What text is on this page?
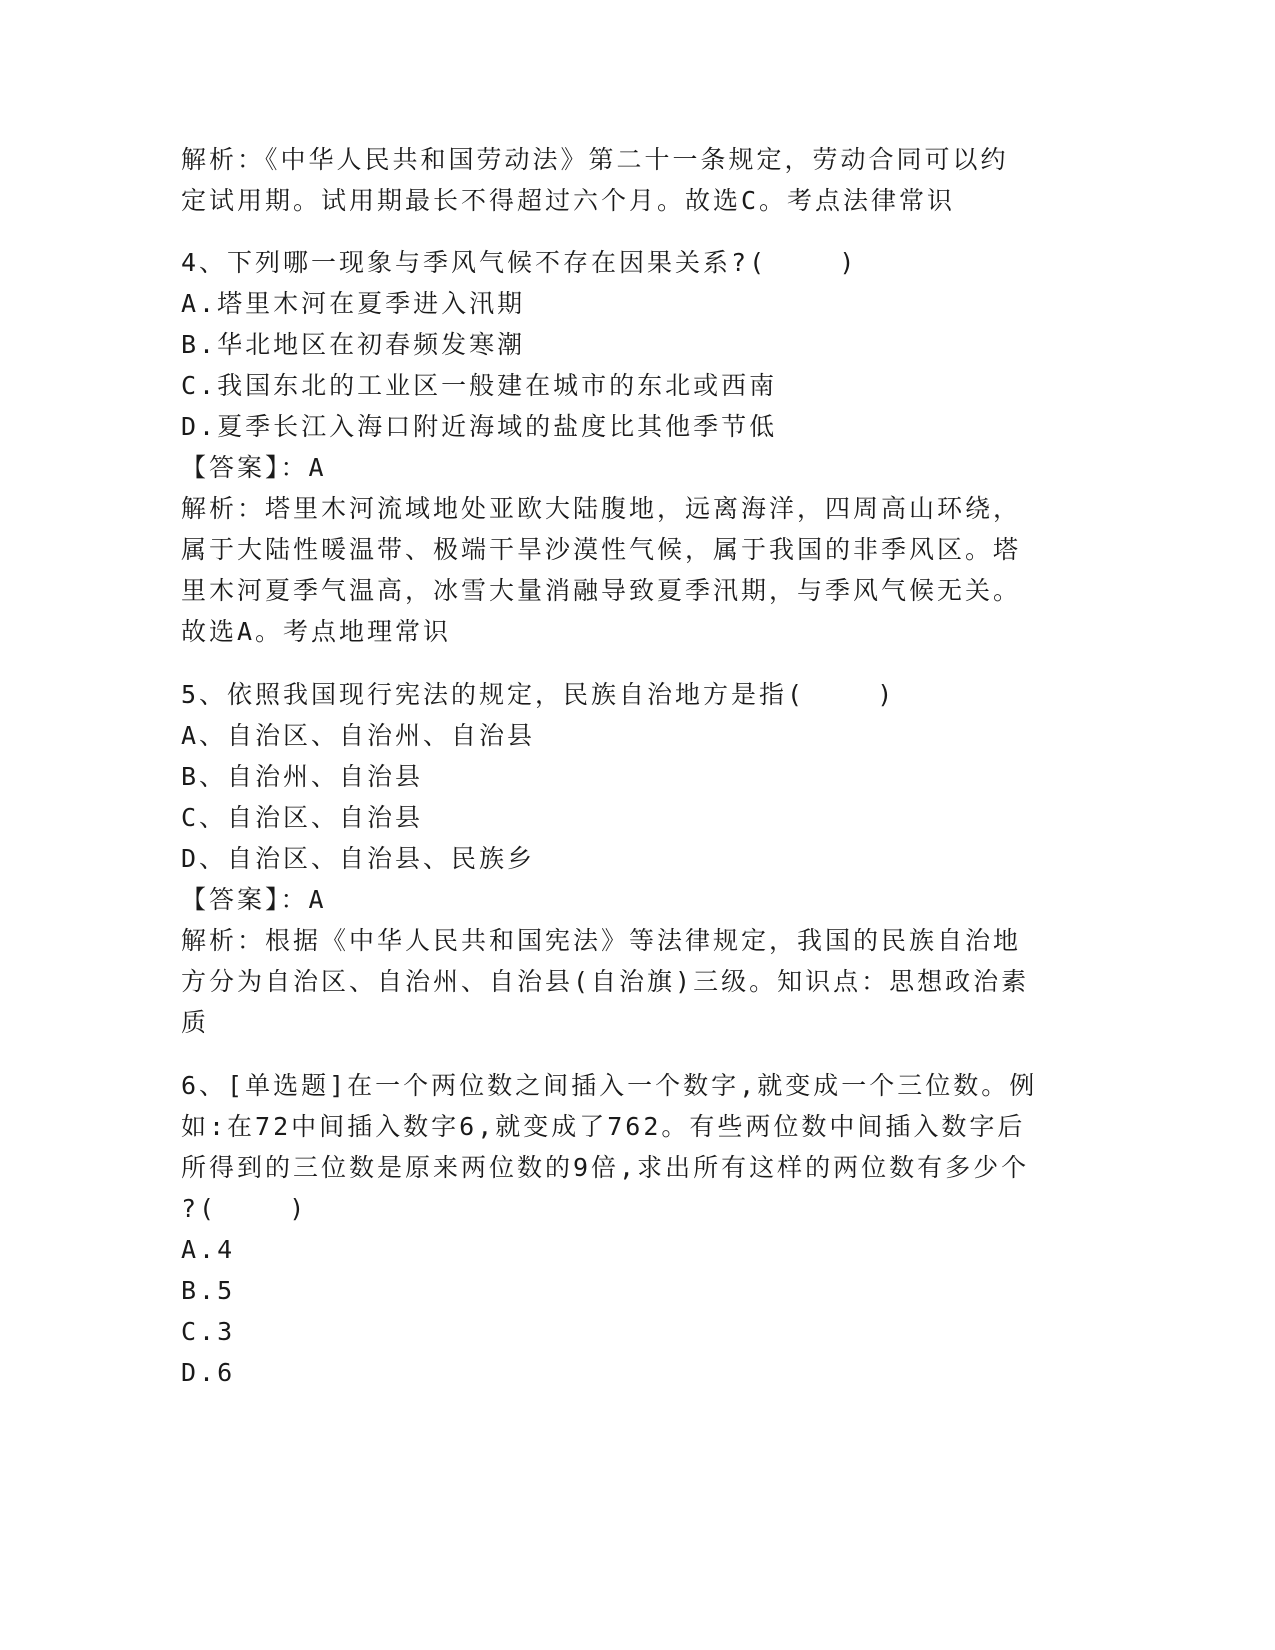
解析：《中华人民共和国劳动法》第二十一条规定，劳动合同可以约

定试用期。试用期最长不得超过六个月。故选C。考点法律常识

4、下列哪一现象与季风气候不存在因果关系?(    )

A.塔里木河在夏季进入汛期

B.华北地区在初春频发寒潮

C.我国东北的工业区一般建在城市的东北或西南

D.夏季长江入海口附近海域的盐度比其他季节低

【答案】：A

解析：塔里木河流域地处亚欧大陆腹地，远离海洋，四周高山环绕，

属于大陆性暖温带、极端干旱沙漠性气候，属于我国的非季风区。塔

里木河夏季气温高，冰雪大量消融导致夏季汛期，与季风气候无关。

故选A。考点地理常识

5、依照我国现行宪法的规定，民族自治地方是指(    )

A、自治区、自治州、自治县

B、自治州、自治县

C、自治区、自治县

D、自治区、自治县、民族乡

【答案】：A

解析：根据《中华人民共和国宪法》等法律规定，我国的民族自治地

方分为自治区、自治州、自治县(自治旗)三级。知识点：思想政治素

质

6、[单选题]在一个两位数之间插入一个数字,就变成一个三位数。例

如:在72中间插入数字6,就变成了762。有些两位数中间插入数字后

所得到的三位数是原来两位数的9倍,求出所有这样的两位数有多少个

?(    )

A.4

B.5

C.3

D.6
